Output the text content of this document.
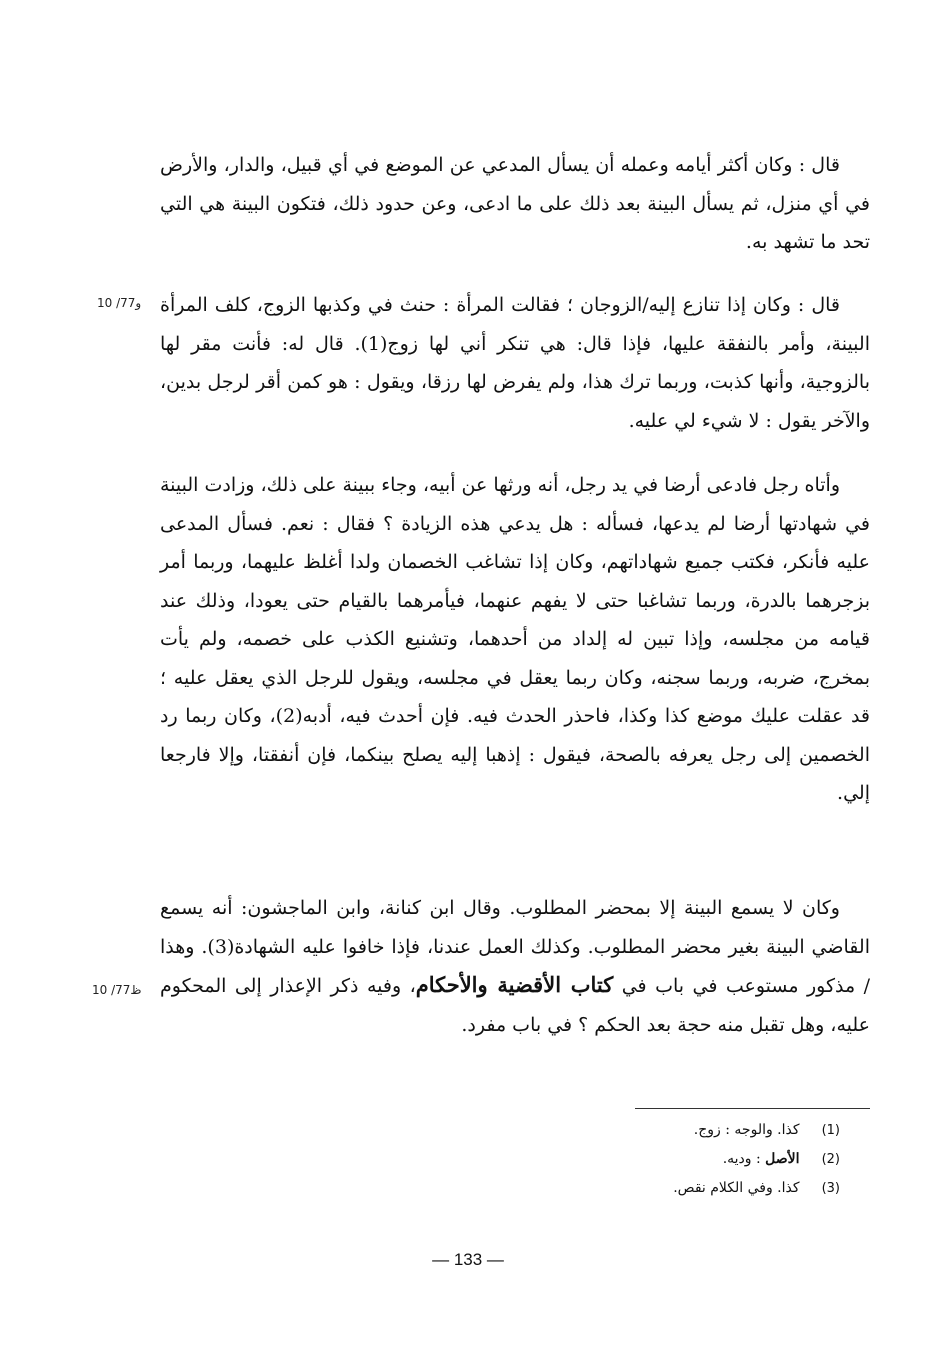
قال : وكان أكثر أيامه وعمله أن يسأل المدعي عن الموضع في أي قبيل، والدار، والأرض في أي منزل، ثم يسأل البينة بعد ذلك على ما ادعى، وعن حدود ذلك، فتكون البينة هي التي تحد ما تشهد به.

10 /77و قال : وكان إذا تنازع إليه/الزوجان ؛ فقالت المرأة : حنث في وكذبها الزوج، كلف المرأة البينة، وأمر بالنفقة عليها، فإذا قال: هي تنكر أني لها زوج(1). قال له: فأنت مقر لها بالزوجية، وأنها كذبت، وربما ترك هذا، ولم يفرض لها رزقا، ويقول : هو كمن أقر لرجل بدين، والآخر يقول : لا شيء لي عليه.

وأتاه رجل فادعى أرضا في يد رجل، أنه ورثها عن أبيه، وجاء ببينة على ذلك، وزادت البينة في شهادتها أرضا لم يدعها، فسأله : هل يدعي هذه الزيادة ؟ فقال : نعم. فسأل المدعى عليه فأنكر، فكتب جميع شهاداتهم، وكان إذا تشاغب الخصمان ولدا أغلظ عليهما، وربما أمر بزجرهما بالدرة، وربما تشاغبا حتى لا يفهم عنهما، فيأمرهما بالقيام حتى يعودا، وذلك عند قيامه من مجلسه، وإذا تبين له إلداد من أحدهما، وتشنيع الكذب على خصمه، ولم يأت بمخرج، ضربه، وربما سجنه، وكان ربما يعقل في مجلسه، ويقول للرجل الذي يعقل عليه ؛ قد عقلت عليك موضع كذا وكذا، فاحذر الحدث فيه. فإن أحدث فيه، أدبه(2)، وكان ربما رد الخصمين إلى رجل يعرفه بالصحة، فيقول : إذهبا إليه يصلح بينكما، فإن أنفقتا، وإلا فارجعا إلي.

10 /77ظ

وكان لا يسمع البينة إلا بمحضر المطلوب. وقال ابن كنانة، وابن الماجشون: أنه يسمع القاضي البينة بغير محضر المطلوب. وكذلك العمل عندنا، فإذا خافوا عليه الشهادة(3). وهذا / مذكور مستوعب في باب في كتاب الأقضية والأحكام، وفيه ذكر الإعذار إلى المحكوم عليه، وهل تقبل منه حجة بعد الحكم ؟ في باب مفرد.

(1) كذا. والوجه : زوج.
(2) الأصل : وديه.
(3) كذا. وفي الكلام نقص.
— 133 —
